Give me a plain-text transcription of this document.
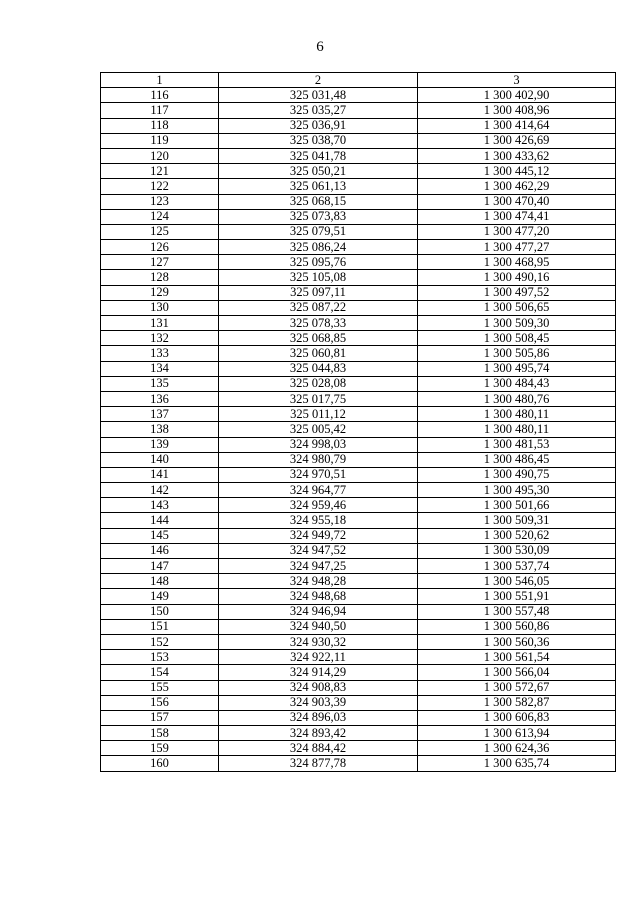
6
1	2	3
116	325 031,48	1 300 402,90
117	325 035,27	1 300 408,96
118	325 036,91	1 300 414,64
119	325 038,70	1 300 426,69
120	325 041,78	1 300 433,62
121	325 050,21	1 300 445,12
122	325 061,13	1 300 462,29
123	325 068,15	1 300 470,40
124	325 073,83	1 300 474,41
125	325 079,51	1 300 477,20
126	325 086,24	1 300 477,27
127	325 095,76	1 300 468,95
128	325 105,08	1 300 490,16
129	325 097,11	1 300 497,52
130	325 087,22	1 300 506,65
131	325 078,33	1 300 509,30
132	325 068,85	1 300 508,45
133	325 060,81	1 300 505,86
134	325 044,83	1 300 495,74
135	325 028,08	1 300 484,43
136	325 017,75	1 300 480,76
137	325 011,12	1 300 480,11
138	325 005,42	1 300 480,11
139	324 998,03	1 300 481,53
140	324 980,79	1 300 486,45
141	324 970,51	1 300 490,75
142	324 964,77	1 300 495,30
143	324 959,46	1 300 501,66
144	324 955,18	1 300 509,31
145	324 949,72	1 300 520,62
146	324 947,52	1 300 530,09
147	324 947,25	1 300 537,74
148	324 948,28	1 300 546,05
149	324 948,68	1 300 551,91
150	324 946,94	1 300 557,48
151	324 940,50	1 300 560,86
152	324 930,32	1 300 560,36
153	324 922,11	1 300 561,54
154	324 914,29	1 300 566,04
155	324 908,83	1 300 572,67
156	324 903,39	1 300 582,87
157	324 896,03	1 300 606,83
158	324 893,42	1 300 613,94
159	324 884,42	1 300 624,36
160	324 877,78	1 300 635,74
